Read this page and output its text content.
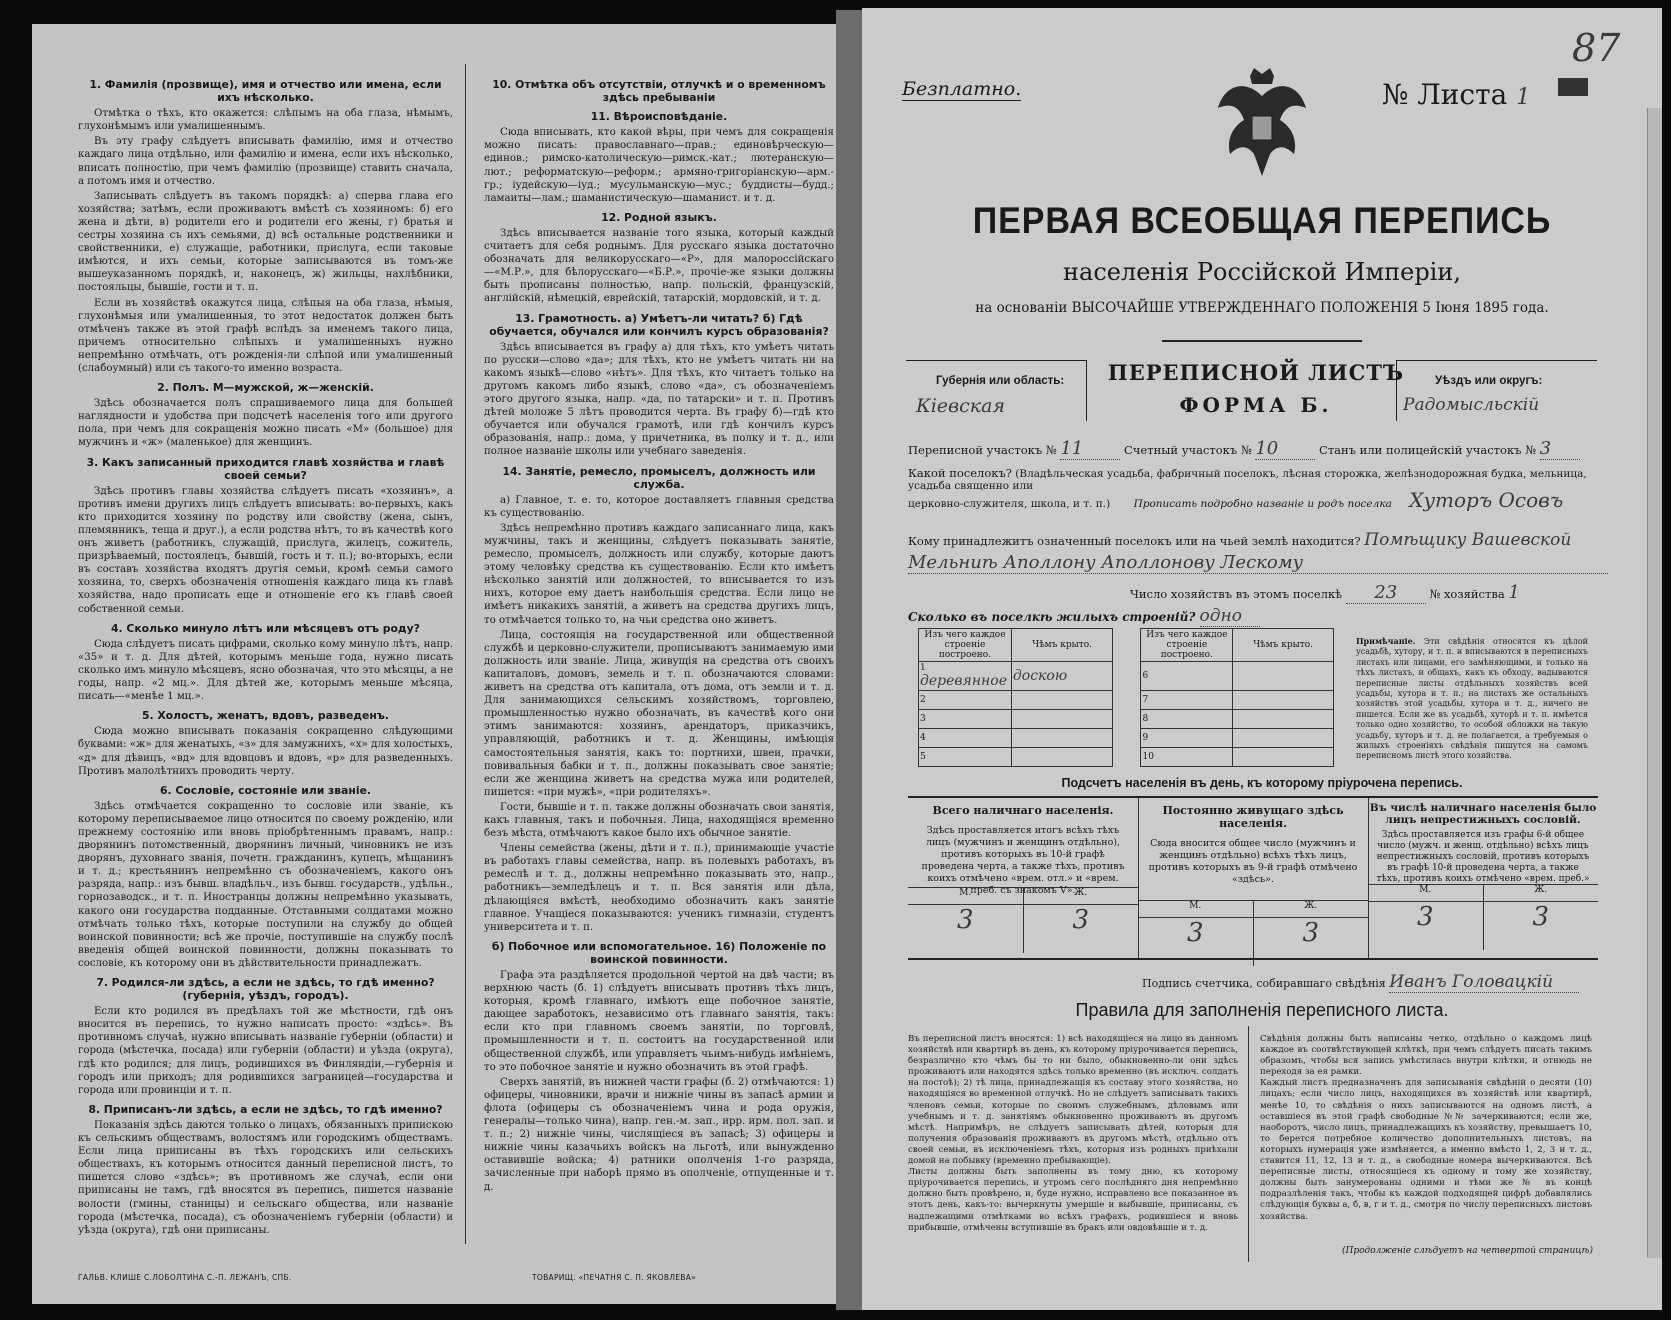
1. Фамилія (прозвище), имя и отчество или имена, если ихъ нѣсколько.

Отмѣтка о тѣхъ, кто окажется: слѣпымъ на оба глаза, нѣмымъ, глухонѣмымъ или умалишеннымъ.

Въ эту графу слѣдуетъ вписывать фамилію, имя и отчество каждаго лица отдѣльно, или фамилію и имена, если ихъ нѣсколько, вписать полностію, при чемъ фамилію (прозвище) ставить сначала, а потомъ имя и отчество.

Записывать слѣдуетъ въ такомъ порядкѣ: а) сперва глава его хозяйства; затѣмъ, если проживаютъ вмѣстѣ съ хозяиномъ: б) его жена и дѣти, в) родители его и родители его жены, г) братья и сестры хозяина съ ихъ семьями, д) всѣ остальные родственники и свойственники, е) служащіе, работники, прислуга, если таковые имѣются, и ихъ семьи, которые записываются въ томъ-же вышеуказанномъ порядкѣ, и, наконецъ, ж) жильцы, нахлѣбники, постояльцы, бывшіе, гости и т. п.

Если въ хозяйствѣ окажутся лица, слѣпыя на оба глаза, нѣмыя, глухонѣмыя или умалишенныя, то этот недостаток должен быть отмѣченъ также въ этой графѣ вслѣдъ за именемъ такого лица, причемъ относительно слѣпыхъ и умалишенныхъ нужно непремѣнно отмѣчать, отъ рожденія-ли слѣпой или умалишенный (слабоумный) или съ такого-то именно возраста.

2. Полъ. М—мужской, ж—женскій.

Здѣсь обозначается полъ спрашиваемого лица для большей наглядности и удобства при подсчетѣ населенія того или другого пола, при чемъ для сокращенія можно писать «М» (большое) для мужчинъ и «ж» (маленькое) для женщинъ.

3. Какъ записанный приходится главѣ хозяйства и главѣ своей семьи?

Здѣсь противъ главы хозяйства слѣдуетъ писать «хозяинъ», а противъ имени другихъ лицъ слѣдуетъ вписывать: во-первыхъ, какъ кто приходится хозяину по родству или свойству (жена, сынъ, племянникъ, теща и друг.), а если родства нѣтъ, то въ качествѣ кого онъ живетъ (работникъ, служащій, прислуга, жилецъ, сожитель, призрѣваемый, постоялецъ, бывшій, гость и т. п.); во-вторыхъ, если въ составъ хозяйства входятъ другія семьи, кромѣ семьи самого хозяина, то, сверхъ обозначенія отношенія каждаго лица къ главѣ хозяйства, надо прописать еще и отношеніе его къ главѣ своей собственной семьи.

4. Сколько минуло лѣтъ или мѣсяцевъ отъ роду?

Сюда слѣдуетъ писать цифрами, сколько кому минуло лѣтъ, напр. «35» и т. д. Для дѣтей, которымъ меньше года, нужно писать сколько имъ минуло мѣсяцевъ, ясно обозначая, что это мѣсяцы, а не годы, напр. «2 мц.». Для дѣтей же, которымъ меньше мѣсяца, писать—«менѣе 1 мц.».

5. Холостъ, женатъ, вдовъ, разведенъ.

Сюда можно вписывать показанія сокращенно слѣдующими буквами: «ж» для женатыхъ, «з» для замужнихъ, «х» для холостыхъ, «д» для дѣвицъ, «вд» для вдовцовъ и вдовъ, «р» для разведенныхъ. Противъ малолѣтнихъ проводить черту.

6. Сословіе, состояніе или званіе.

Здѣсь отмѣчается сокращенно то сословіе или званіе, къ которому переписываемое лицо относится по своему рожденію, или прежнему состоянію или вновь пріобрѣтеннымъ правамъ, напр.: дворянинъ потомственный, дворянинъ личный, чиновникъ не изъ дворянъ, духовнаго званія, почетн. гражданинъ, купецъ, мѣщанинъ и т. д.; крестьянинъ непремѣнно съ обозначеніемъ, какого онъ разряда, напр.: изъ бывш. владѣльч., изъ бывш. государств., удѣльн., горнозаводск., и т. п. Иностранцы должны непремѣнно указывать, какого они государства подданные. Отставными солдатами можно отмѣчать только тѣхъ, которые поступили на службу до общей воинской повинности; всѣ же прочіе, поступившіе на службу послѣ введенія общей воинской повинности, должны показывать то сословіе, къ которому они въ дѣйствительности принадлежатъ.

7. Родился-ли здѣсь, а если не здѣсь, то гдѣ именно? (губернія, уѣздъ, городъ).

Если кто родился въ предѣлахъ той же мѣстности, гдѣ онъ вносится въ перепись, то нужно написать просто: «здѣсь». Въ противномъ случаѣ, нужно вписывать названіе губерніи (области) и города (мѣстечка, посада) или губерніи (области) и уѣзда (округа), гдѣ кто родился; для лицъ, родившихся въ Финляндіи,—губернія и городъ или приходъ; для родившихся заграницей—государства и города или провинціи и т. п.

8. Приписанъ-ли здѣсь, а если не здѣсь, то гдѣ именно?

Показанія здѣсь даются только о лицахъ, обязанныхъ припискою къ сельскимъ обществамъ, волостямъ или городскимъ обществамъ. Если лица приписаны въ тѣхъ городскихъ или сельскихъ обществахъ, къ которымъ относится данный переписной листъ, то пишется слово «здѣсь»; въ противномъ же случаѣ, если они приписаны не тамъ, гдѣ вносятся въ перепись, пишется названіе волости (гмины, станицы) и сельскаго общества, или названіе города (мѣстечка, посада), съ обозначеніемъ губерніи (области) и уѣзда (округа), гдѣ они приписаны.

10. Отмѣтка объ отсутствіи, отлучкѣ и о временномъ здѣсь пребываніи
11. Вѣроисповѣданіе.

Сюда вписывать, кто какой вѣры, при чемъ для сокращенія можно писать: православнаго—прав.; единовѣрческую—единов.; римско-католическую—римск.-кат.; лютеранскую—лют.; реформатскую—реформ.; армяно-григоріанскую—арм.-гр.; іудейскую—іуд.; мусульманскую—мус.; буддисты—будд.; ламаиты—лам.; шаманистическую—шаманист. и т. д.

12. Родной языкъ.

Здѣсь вписывается названіе того языка, который каждый считаетъ для себя роднымъ. Для русскаго языка достаточно обозначать для великорусскаго—«Р», для малороссійскаго—«М.Р.», для бѣлорусскаго—«Б.Р.», прочіе-же языки должны быть прописаны полностью, напр. польскій, французскій, англійскій, нѣмецкій, еврейскій, татарскій, мордовскій, и т. д.

13. Грамотность. а) Умѣетъ-ли читать? б) Гдѣ обучается, обучался или кончилъ курсъ образованія?

Здѣсь вписывается въ графу а) для тѣхъ, кто умѣетъ читать по русски—слово «да»; для тѣхъ, кто не умѣетъ читать ни на какомъ языкѣ—слово «нѣтъ». Для тѣхъ, кто читаетъ только на другомъ какомъ либо языкѣ, слово «да», съ обозначеніемъ этого другого языка, напр. «да, по татарски» и т. п. Противъ дѣтей моложе 5 лѣтъ проводится черта. Въ графу б)—гдѣ кто обучается или обучался грамотѣ, или гдѣ кончилъ курсъ образованія, напр.: дома, у причетника, въ полку и т. д., или полное названіе школы или учебнаго заведенія.

14. Занятіе, ремесло, промыселъ, должность или служба.

а) Главное, т. е. то, которое доставляетъ главныя средства къ существованію.

Здѣсь непремѣнно противъ каждаго записаннаго лица, какъ мужчины, такъ и женщины, слѣдуетъ показывать занятіе, ремесло, промыселъ, должность или службу, которые даютъ этому человѣку средства къ существованію. Если кто имѣетъ нѣсколько занятій или должностей, то вписывается то изъ нихъ, которое ему даетъ наибольшія средства. Если лицо не имѣетъ никакихъ занятій, а живетъ на средства другихъ лицъ, то отмѣчается только то, на чьи средства оно живетъ.

Лица, состоящія на государственной или общественной службѣ и церковно-служители, прописываютъ занимаемую ими должность или званіе. Лица, живущія на средства отъ своихъ капиталовъ, домовъ, земель и т. п. обозначаются словами: живетъ на средства отъ капитала, отъ дома, отъ земли и т. д. Для занимающихся сельскимъ хозяйствомъ, торговлею, промышленностью нужно обозначать, въ качествѣ кого они этимъ занимаются: хозяинъ, арендаторъ, приказчикъ, управляющій, работникъ и т. д. Женщины, имѣющія самостоятельныя занятія, какъ то: портнихи, швеи, прачки, повивальныя бабки и т. п., должны показывать свое занятіе; если же женщина живетъ на средства мужа или родителей, пишется: «при мужѣ», «при родителяхъ».

Гости, бывшіе и т. п. также должны обозначать свои занятія, какъ главныя, такъ и побочныя. Лица, находящіяся временно безъ мѣста, отмѣчаютъ какое было ихъ обычное занятіе.

Члены семейства (жены, дѣти и т. п.), принимающіе участіе въ работахъ главы семейства, напр. въ полевыхъ работахъ, въ ремеслѣ и т. д., должны непремѣнно показывать это, напр., работникъ—земледѣлецъ и т. п. Вся занятія или дѣла, дѣлающіяся вмѣстѣ, необходимо обозначить какъ занятіе главное. Учащіеся показываются: ученикъ гимназіи, студентъ университета и т. п.

б) Побочное или вспомогательное. 16) Положеніе по воинской повинности.

Графа эта раздѣляется продольной чертой на двѣ части; въ верхнюю часть (б. 1) слѣдуетъ вписывать противъ тѣхъ лицъ, которыя, кромѣ главнаго, имѣютъ еще побочное занятіе, дающее заработокъ, независимо отъ главнаго занятія, такъ: если кто при главномъ своемъ занятіи, по торговлѣ, промышленности и т. п. состоитъ на государственной или общественной службѣ, или управляетъ чьимъ-нибудь имѣніемъ, то это побочное занятіе и нужно обозначить въ этой графѣ.

Сверхъ занятій, въ нижней части графы (б. 2) отмѣчаются: 1) офицеры, чиновники, врачи и нижніе чины въ запасѣ армии и флота (офицеры съ обозначеніемъ чина и рода оружія, генералы—только чина), напр. ген.-м. зап., ирр. ирм. пол. зап. и т. п.; 2) нижніе чины, числящіеся въ запасѣ; 3) офицеры и нижніе чины казачьихъ войскъ на льготѣ, или вынужденно оставившіе войска; 4) ратники ополченія 1-го разряда, зачисленные при наборѣ прямо въ ополченіе, отпущенные и т. д.

ГАЛЬВ. КЛИШЕ С.ЛОБОЛТИНА С.-П. ЛЕЖАНЪ, СПБ.	ТОВАРИЩ. «ПЕЧАТНЯ С. П. ЯКОВЛЕВА»
Безплатно.	№ Листа 1
87
ПЕРВАЯ ВСЕОБЩАЯ ПЕРЕПИСЬ
населенія Россійской Имперіи,
на основаніи ВЫСОЧАЙШЕ УТВЕРЖДЕННАГО ПОЛОЖЕНІЯ 5 Іюня 1895 года.
Губернія или область:
Кіевская
ПЕРЕПИСНОЙ ЛИСТЪ
ФОРМА Б.
Уѣздъ или округъ:
Радомысльскій
Переписной участокъ № 11	Счетный участокъ № 10	Станъ или полицейскій участокъ № 3
Какой поселокъ? (Владѣльческая усадьба, фабричный поселокъ, лѣсная сторожка, желѣзнодорожная будка, мельница, усадьба священно или
церковно-служителя, школа, и т. п.) Прописать подробно названіе и родъ поселка Хуторъ Осовъ
Кому принадлежитъ означенный поселокъ или на чьей землѣ находится? Помѣщику Вашевской
Мельниѣ Аполлону Аполлонову Лескому
Число хозяйствъ въ этомъ поселкѣ 23	№ хозяйства 1
Сколько въ поселкѣ жилыхъ строеній? одно
Изъ чего каждое строеніе построено.	Чѣмъ крыто.		Изъ чего каждое строеніе построено.	Чѣмъ крыто.
1 деревянное	доскою		6	
2			7	
3			8	
4			9	
5			10	
Примѣчаніе. Эти свѣдѣнія относятся къ цѣлой усадьбѣ, хутору, и т. п. и вписываются в переписныхъ листахъ или лицами, его замѣняющими, и только на тѣхъ листахъ, и общахъ, какъ къ обходу, вадываются переписные листы отдѣльныхъ хозяйствъ всей усадьбы, хутора и т. п.; на листахъ же остальныхъ хозяйствъ этой усадьбы, хутора и т. д., ничего не пишется. Если же въ усадьбѣ, хуторѣ и т. п. имѣется только одно хозяйство, то особой обложки на такую усадьбу, хуторъ и т. д. не полагается, а требуемыя о жилыхъ строеніяхъ свѣдѣнія пишутся на самомъ переписномъ листѣ этого хозяйства.
Подсчетъ населенія въ день, къ которому пріурочена перепись.
Всего наличнаго населенія.
Здѣсь проставляется итогъ всѣхъ тѣхъ лицъ (мужчинъ и женщинъ отдѣльно), противъ которыхъ въ 10-й графѣ проведена черта, а также тѣхъ, противъ коихъ отмѣчено «врем. отл.» и «врем. преб. съ знакомъ V».
М.	Ж.
3	3
Постоянно живущаго здѣсь населенія.
Сюда вносится общее число (мужчинъ и женщинъ отдѣльно) всѣхъ тѣхъ лицъ, противъ которыхъ въ 9-й графѣ отмѣчено «здѣсь».
М.	Ж.
3	3
Въ числѣ наличнаго населенія было лицъ непрестижныхъ сословій.
Здѣсь проставляется изъ графы 6-й общее число (мужч. и женщ. отдѣльно) всѣхъ лицъ непрестижныхъ сословій, противъ которыхъ въ графѣ 10-й проведена черта, а также тѣхъ, противъ коихъ отмѣчено «врем. преб.»
М.	Ж.
3	3
Подпись счетчика, собиравшаго свѣдѣнія Иванъ Головацкій
Правила для заполненія переписного листа.
Въ переписной листъ вносятся: 1) всѣ находящіеся на лицо въ данномъ хозяйствѣ или квартирѣ въ день, къ которому пріурочивается перепись, безразлично кто чѣмъ бы то ни было, обыкновенно-ли они здѣсь проживаютъ или находятся здѣсь только временно (въ исключ. солдатъ на постоѣ); 2) тѣ лица, принадлежащія къ составу этого хозяйства, но находящіяся во временной отлучкѣ. Но не слѣдуетъ записывать такихъ членовъ семьи, которые по своимъ служебнымъ, дѣловымъ или учебнымъ и т. д. занятіямъ обыкновенно проживаютъ въ другомъ мѣстѣ. Напримѣръ, не слѣдуетъ записывать дѣтей, которыя для получения образованія проживаютъ въ другомъ мѣстѣ, отдѣльно отъ своей семьи, въ исключеніемъ тѣхъ, которыя изъ родныхъ приѣхали домой на побывку (временно пребывающіе).
Листы должны быть заполнены въ тому дню, къ которому пріурочивается перепись, и утромъ сего послѣдняго дня непремѣнно должно быть провѣрено, и, буде нужно, исправлено все показанное въ этотъ день, какъ-то: вычеркнуты умершіе и выбывшіе, приписаны, съ надлежащими отмѣтками во всѣхъ графахъ, родившіеся и вновь прибывшіе, отмѣчены вступившіе въ бракъ или овдовѣвшіе и т. д.
Свѣдѣнія должны быть написаны четко, отдѣльно о каждомъ лицѣ каждое въ соотвѣтствующей клѣткѣ, при чемъ слѣдуетъ писать такимъ образомъ, чтобы вся запись умѣстилась внутри клѣтки, и отнюдь не переходя за ея рамки.
Каждый листъ предназначенъ для записыванія свѣдѣній о десяти (10) лицахъ; если число лицъ, находящихся въ хозяйствѣ или квартирѣ, менѣе 10, то свѣдѣнія о нихъ записываются на одномъ листѣ, а оставшіеся въ этой графѣ свободные №№ зачеркиваются; если же, наоборотъ, число лицъ, принадлежащихъ къ хозяйству, превышаетъ 10, то берется потребное количество дополнительныхъ листовъ, на которыхъ нумерація уже измѣняется, а именно вмѣсто 1, 2, 3 и т. д., ставится 11, 12, 13 и т. д., а свободные номера вычеркиваются. Всѣ переписные листы, относящіеся къ одному и тому же хозяйству, должны быть занумерованы одними и тѣми же № въ концѣ подразлѣленія такъ, чтобы къ каждой подходящей цифрѣ добавлялись слѣдующія буквы а, б, в, г и т. д., смотря по числу переписныхъ листовъ хозяйства.
(Продолженіе слѣдуетъ на четвертой страницѣ)
